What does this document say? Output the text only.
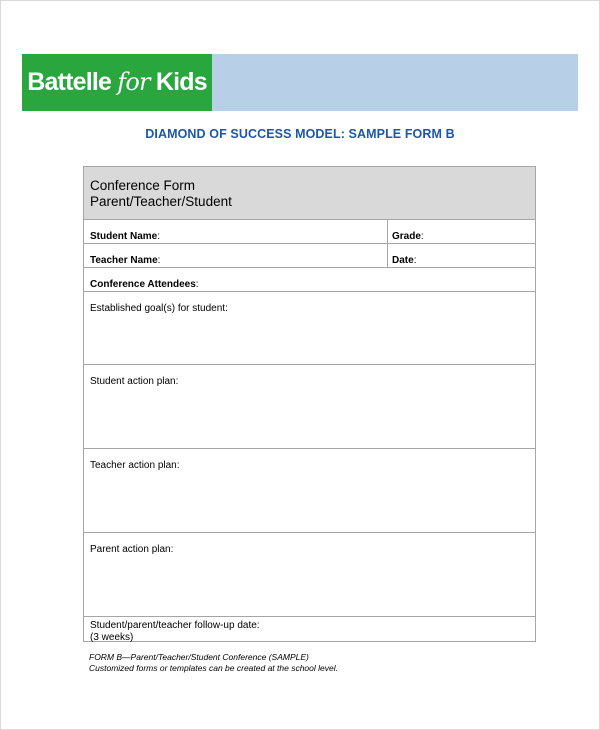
Battelle for Kids
DIAMOND OF SUCCESS MODEL: SAMPLE FORM B
Conference Form
Parent/Teacher/Student
Student Name:	Grade:
Teacher Name:	Date:
Conference Attendees:
Established goal(s) for student:
Student action plan:
Teacher action plan:
Parent action plan:
Student/parent/teacher follow-up date:
(3 weeks)
FORM B—Parent/Teacher/Student Conference (SAMPLE)
Customized forms or templates can be created at the school level.
